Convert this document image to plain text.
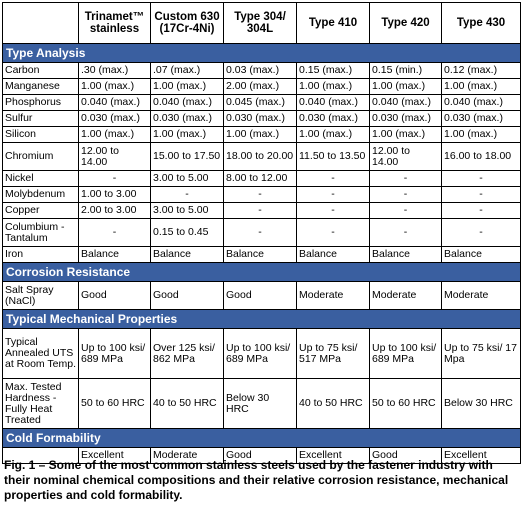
	Trinamet™ stainless	Custom 630 (17Cr-4Ni)	Type 304/ 304L	Type 410	Type 420	Type 430
Type Analysis						
Carbon	.30 (max.)	.07 (max.)	0.03 (max.)	0.15 (max.)	0.15 (min.)	0.12 (max.)
Manganese	1.00 (max.)	1.00 (max.)	2.00 (max.)	1.00 (max.)	1.00 (max.)	1.00 (max.)
Phosphorus	0.040 (max.)	0.040 (max.)	0.045 (max.)	0.040 (max.)	0.040 (max.)	0.040 (max.)
Sulfur	0.030 (max.)	0.030 (max.)	0.030 (max.)	0.030 (max.)	0.030 (max.)	0.030 (max.)
Silicon	1.00 (max.)	1.00 (max.)	1.00 (max.)	1.00 (max.)	1.00 (max.)	1.00 (max.)
Chromium	12.00 to 14.00	15.00 to 17.50	18.00 to 20.00	11.50 to 13.50	12.00 to 14.00	16.00 to 18.00
Nickel	-	3.00 to 5.00	8.00 to 12.00	-	-	-
Molybdenum	1.00 to 3.00	-	-	-	-	-
Copper	2.00 to 3.00	3.00 to 5.00	-	-	-	-
Columbium - Tantalum	-	0.15 to 0.45	-	-	-	-
Iron	Balance	Balance	Balance	Balance	Balance	Balance
Corrosion Resistance						
Salt Spray (NaCl)	Good	Good	Good	Moderate	Moderate	Moderate
Typical Mechanical Properties						
Typical Annealed UTS at Room Temp.	Up to 100 ksi/ 689 MPa	Over 125 ksi/ 862 MPa	Up to 100 ksi/ 689 MPa	Up to 75 ksi/ 517 MPa	Up to 100 ksi/ 689 MPa	Up to 75 ksi/ 17 Mpa
Max. Tested Hardness - Fully Heat Treated	50 to 60 HRC	40 to 50 HRC	Below 30 HRC	40 to 50 HRC	50 to 60 HRC	Below 30 HRC
Cold Formability						
	Excellent	Moderate	Good	Excellent	Good	Excellent
Fig. 1 – Some of the most common stainless steels used by the fastener industry with their nominal chemical compositions and their relative corrosion resistance, mechanical properties and cold formability.
